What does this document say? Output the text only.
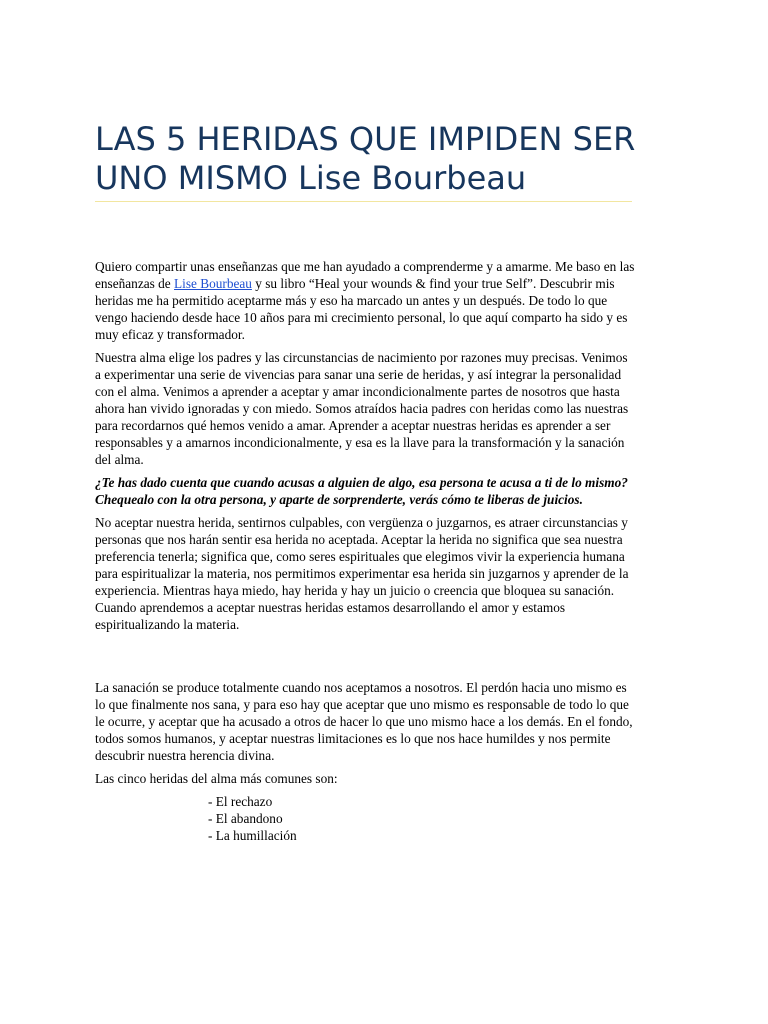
LAS 5 HERIDAS QUE IMPIDEN SER UNO MISMO Lise Bourbeau

Quiero compartir unas enseñanzas que me han ayudado a comprenderme y a amarme. Me baso en las enseñanzas de Lise Bourbeau y su libro “Heal your wounds & find your true Self”. Descubrir mis heridas me ha permitido aceptarme más y eso ha marcado un antes y un después. De todo lo que vengo haciendo desde hace 10 años para mi crecimiento personal, lo que aquí comparto ha sido y es muy eficaz y transformador.

Nuestra alma elige los padres y las circunstancias de nacimiento por razones muy precisas. Venimos a experimentar una serie de vivencias para sanar una serie de heridas, y así integrar la personalidad con el alma. Venimos a aprender a aceptar y amar incondicionalmente partes de nosotros que hasta ahora han vivido ignoradas y con miedo. Somos atraídos hacia padres con heridas como las nuestras para recordarnos qué hemos venido a amar. Aprender a aceptar nuestras heridas es aprender a ser responsables y a amarnos incondicionalmente, y esa es la llave para la transformación y la sanación del alma.

¿Te has dado cuenta que cuando acusas a alguien de algo, esa persona te acusa a ti de lo mismo? Chequealo con la otra persona, y aparte de sorprenderte, verás cómo te liberas de juicios.

No aceptar nuestra herida, sentirnos culpables, con vergüenza o juzgarnos, es atraer circunstancias y personas que nos harán sentir esa herida no aceptada. Aceptar la herida no significa que sea nuestra preferencia tenerla; significa que, como seres espirituales que elegimos vivir la experiencia humana para espiritualizar la materia, nos permitimos experimentar esa herida sin juzgarnos y aprender de la experiencia. Mientras haya miedo, hay herida y hay un juicio o creencia que bloquea su sanación. Cuando aprendemos a aceptar nuestras heridas estamos desarrollando el amor y estamos espiritualizando la materia.

La sanación se produce totalmente cuando nos aceptamos a nosotros. El perdón hacia uno mismo es lo que finalmente nos sana, y para eso hay que aceptar que uno mismo es responsable de todo lo que le ocurre, y aceptar que ha acusado a otros de hacer lo que uno mismo hace a los demás. En el fondo, todos somos humanos, y aceptar nuestras limitaciones es lo que nos hace humildes y nos permite descubrir nuestra herencia divina.

Las cinco heridas del alma más comunes son:

- El rechazo
- El abandono
- La humillación
